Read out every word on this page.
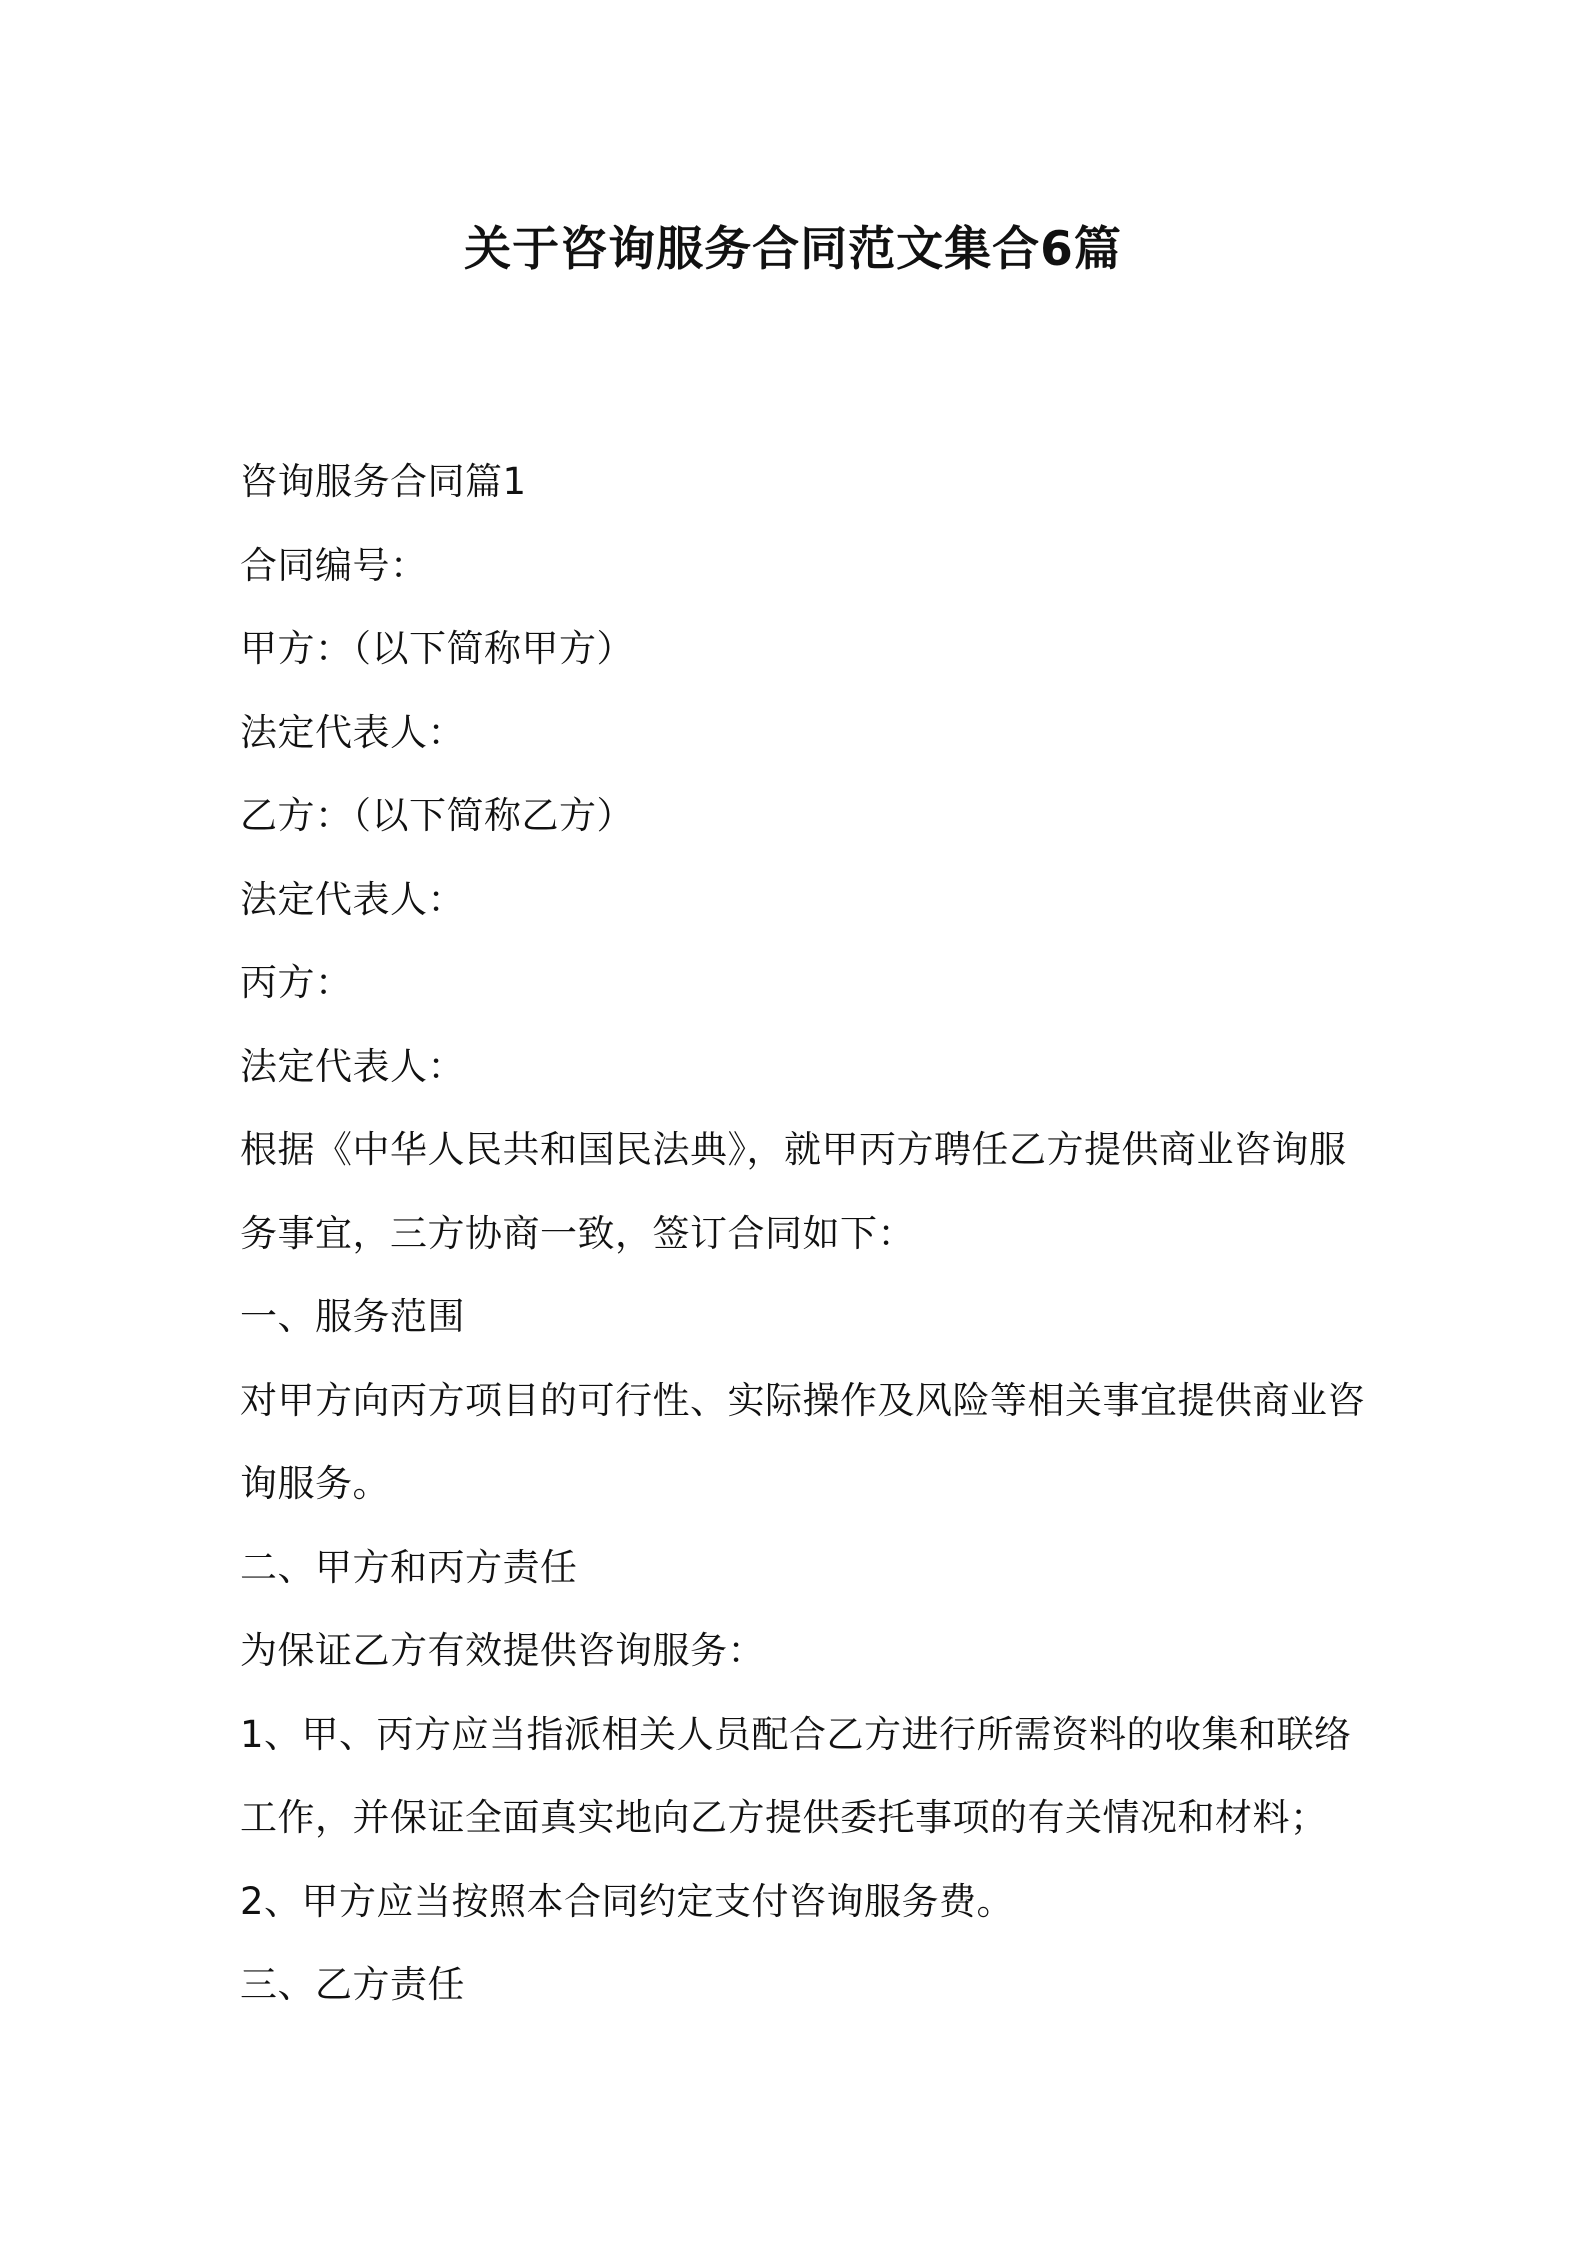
关于咨询服务合同范文集合6篇

咨询服务合同篇1

合同编号：

甲方：（以下简称甲方）

法定代表人：

乙方：（以下简称乙方）

法定代表人：

丙方：

法定代表人：

根据《中华人民共和国民法典》，就甲丙方聘任乙方提供商业咨询服

务事宜，三方协商一致，签订合同如下：

一、服务范围

对甲方向丙方项目的可行性、实际操作及风险等相关事宜提供商业咨

询服务。

二、甲方和丙方责任

为保证乙方有效提供咨询服务：

1、甲、丙方应当指派相关人员配合乙方进行所需资料的收集和联络

工作，并保证全面真实地向乙方提供委托事项的有关情况和材料；

2、甲方应当按照本合同约定支付咨询服务费。

三、乙方责任
